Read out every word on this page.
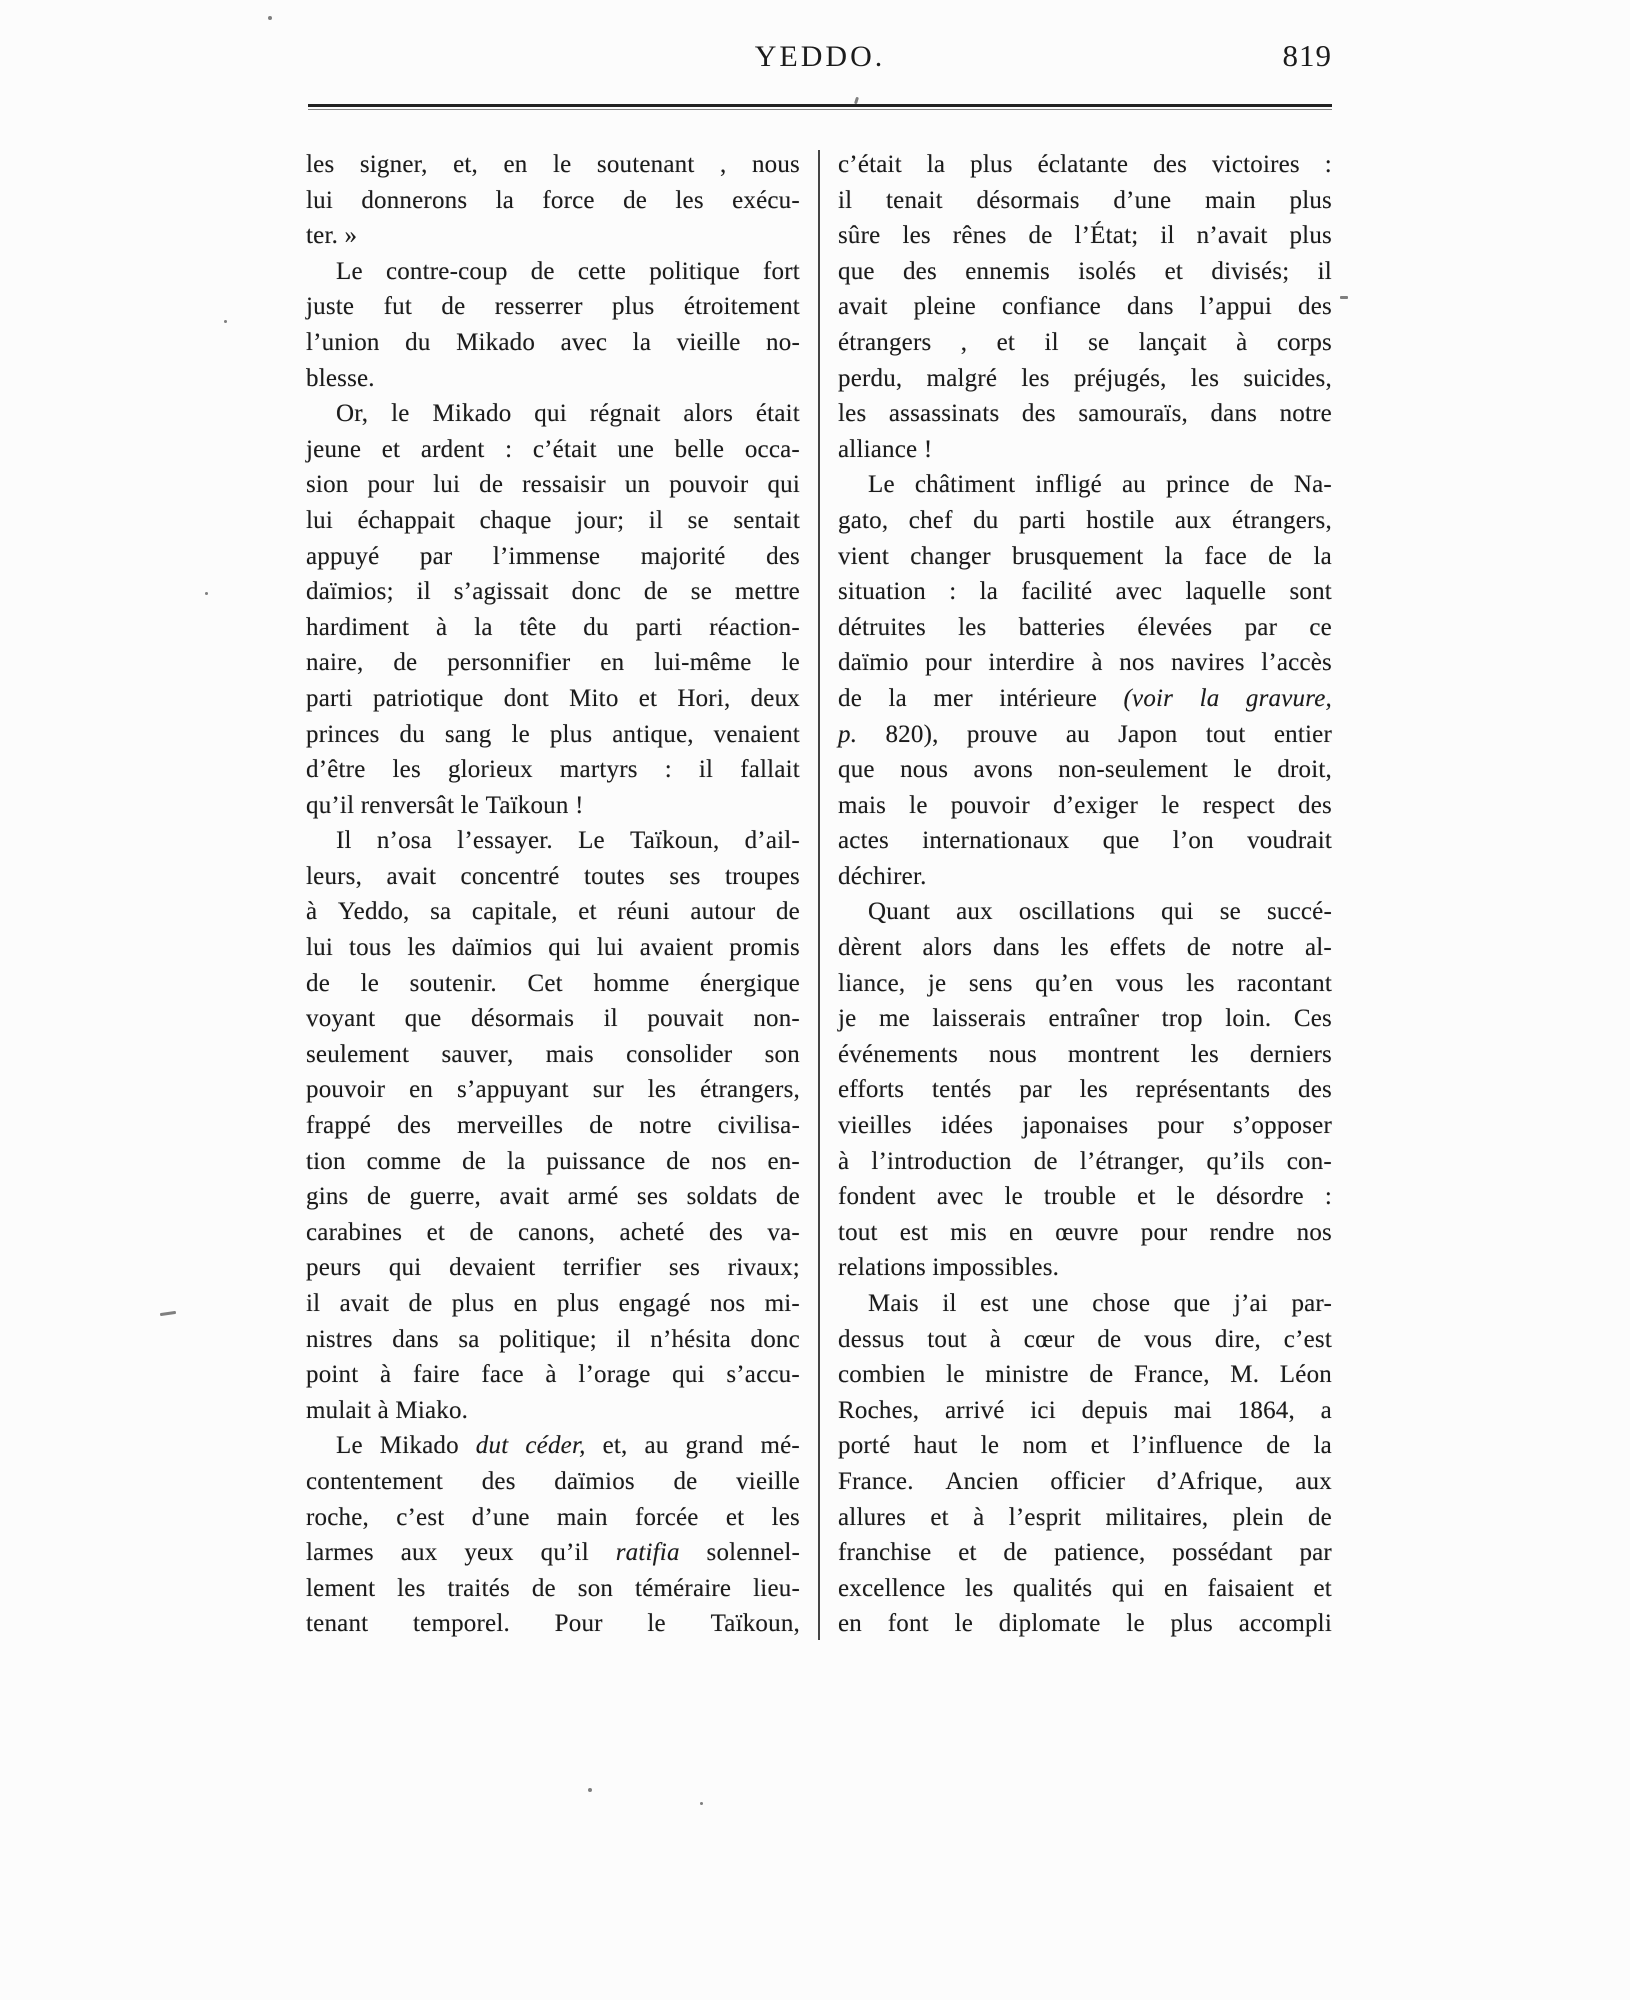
YEDDO.	819
les signer, et, en le soutenant , nous
lui donnerons la force de les exécu-
ter. »
Le contre-coup de cette politique fort
juste fut de resserrer plus étroitement
l’union du Mikado avec la vieille no-
blesse.
Or, le Mikado qui régnait alors était
jeune et ardent : c’était une belle occa-
sion pour lui de ressaisir un pouvoir qui
lui échappait chaque jour; il se sentait
appuyé par l’immense majorité des
daïmios; il s’agissait donc de se mettre
hardiment à la tête du parti réaction-
naire, de personnifier en lui-même le
parti patriotique dont Mito et Hori, deux
princes du sang le plus antique, venaient
d’être les glorieux martyrs : il fallait
qu’il renversât le Taïkoun !
Il n’osa l’essayer. Le Taïkoun, d’ail-
leurs, avait concentré toutes ses troupes
à Yeddo, sa capitale, et réuni autour de
lui tous les daïmios qui lui avaient promis
de le soutenir. Cet homme énergique
voyant que désormais il pouvait non-
seulement sauver, mais consolider son
pouvoir en s’appuyant sur les étrangers,
frappé des merveilles de notre civilisa-
tion comme de la puissance de nos en-
gins de guerre, avait armé ses soldats de
carabines et de canons, acheté des va-
peurs qui devaient terrifier ses rivaux;
il avait de plus en plus engagé nos mi-
nistres dans sa politique; il n’hésita donc
point à faire face à l’orage qui s’accu-
mulait à Miako.
Le Mikado dut céder, et, au grand mé-
contentement des daïmios de vieille
roche, c’est d’une main forcée et les
larmes aux yeux qu’il ratifia solennel-
lement les traités de son téméraire lieu-
tenant temporel. Pour le Taïkoun,
c’était la plus éclatante des victoires :
il tenait désormais d’une main plus
sûre les rênes de l’État; il n’avait plus
que des ennemis isolés et divisés; il
avait pleine confiance dans l’appui des
étrangers , et il se lançait à corps
perdu, malgré les préjugés, les suicides,
les assassinats des samouraïs, dans notre
alliance !
Le châtiment infligé au prince de Na-
gato, chef du parti hostile aux étrangers,
vient changer brusquement la face de la
situation : la facilité avec laquelle sont
détruites les batteries élevées par ce
daïmio pour interdire à nos navires l’accès
de la mer intérieure (voir la gravure,
p. 820), prouve au Japon tout entier
que nous avons non-seulement le droit,
mais le pouvoir d’exiger le respect des
actes internationaux que l’on voudrait
déchirer.
Quant aux oscillations qui se succé-
dèrent alors dans les effets de notre al-
liance, je sens qu’en vous les racontant
je me laisserais entraîner trop loin. Ces
événements nous montrent les derniers
efforts tentés par les représentants des
vieilles idées japonaises pour s’opposer
à l’introduction de l’étranger, qu’ils con-
fondent avec le trouble et le désordre :
tout est mis en œuvre pour rendre nos
relations impossibles.
Mais il est une chose que j’ai par-
dessus tout à cœur de vous dire, c’est
combien le ministre de France, M. Léon
Roches, arrivé ici depuis mai 1864, a
porté haut le nom et l’influence de la
France. Ancien officier d’Afrique, aux
allures et à l’esprit militaires, plein de
franchise et de patience, possédant par
excellence les qualités qui en faisaient et
en font le diplomate le plus accompli
